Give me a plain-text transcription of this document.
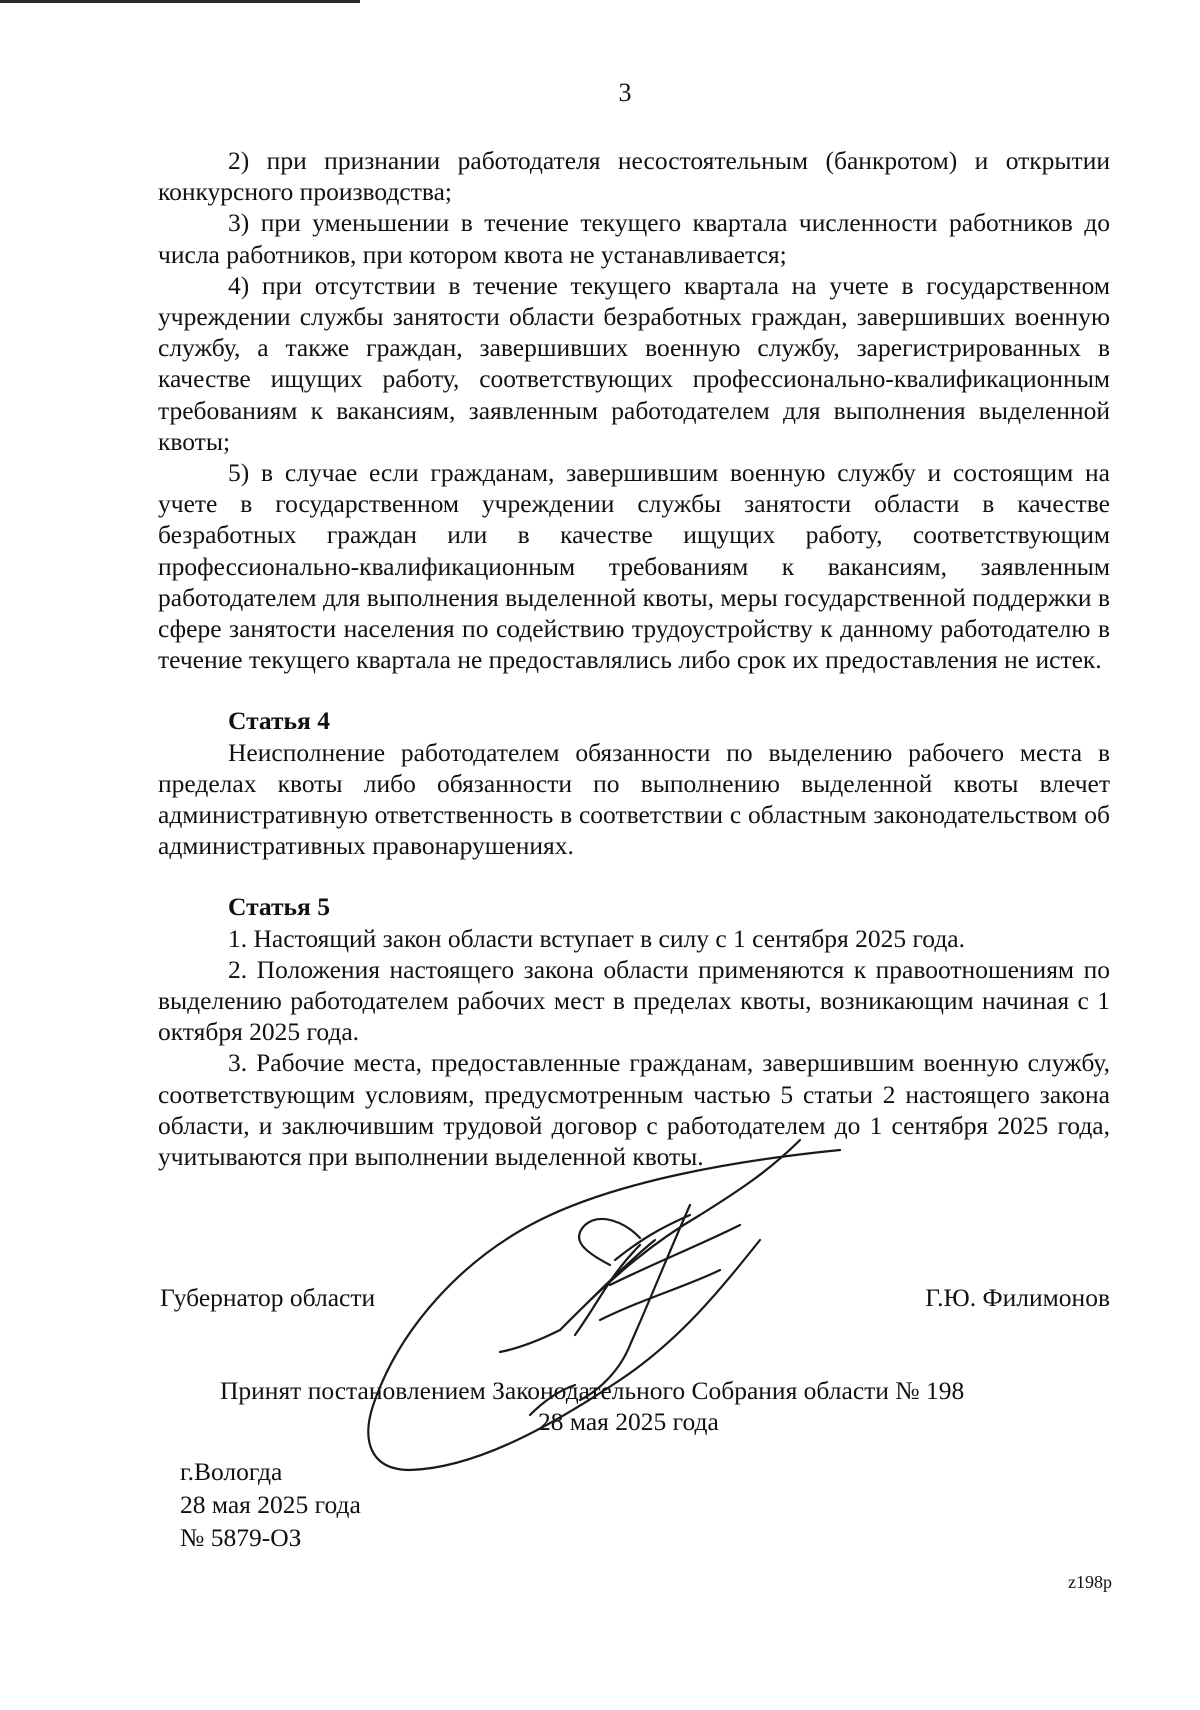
3

2) при признании работодателя несостоятельным (банкротом) и открытии конкурсного производства;

3) при уменьшении в течение текущего квартала численности работников до числа работников, при котором квота не устанавливается;

4) при отсутствии в течение текущего квартала на учете в государственном учреждении службы занятости области безработных граждан, завершивших военную службу, а также граждан, завершивших военную службу, зарегистрированных в качестве ищущих работу, соответствующих профессионально-квалификационным требованиям к вакансиям, заявленным работодателем для выполнения выделенной квоты;

5) в случае если гражданам, завершившим военную службу и состоящим на учете в государственном учреждении службы занятости области в качестве безработных граждан или в качестве ищущих работу, соответствующим профессионально-квалификационным требованиям к вакансиям, заявленным работодателем для выполнения выделенной квоты, меры государственной поддержки в сфере занятости населения по содействию трудоустройству к данному работодателю в течение текущего квартала не предоставлялись либо срок их предоставления не истек.

Статья 4

Неисполнение работодателем обязанности по выделению рабочего места в пределах квоты либо обязанности по выполнению выделенной квоты влечет административную ответственность в соответствии с областным законодательством об административных правонарушениях.

Статья 5

1. Настоящий закон области вступает в силу с 1 сентября 2025 года.

2. Положения настоящего закона области применяются к правоотношениям по выделению работодателем рабочих мест в пределах квоты, возникающим начиная с 1 октября 2025 года.

3. Рабочие места, предоставленные гражданам, завершившим военную службу, соответствующим условиям, предусмотренным частью 5 статьи 2 настоящего закона области, и заключившим трудовой договор с работодателем до 1 сентября 2025 года, учитываются при выполнении выделенной квоты.

Губернатор области	Г.Ю. Филимонов
Принят постановлением Законодательного Собрания области № 198
28 мая 2025 года
г.Вологда
28 мая 2025 года
№ 5879-ОЗ
z198p
